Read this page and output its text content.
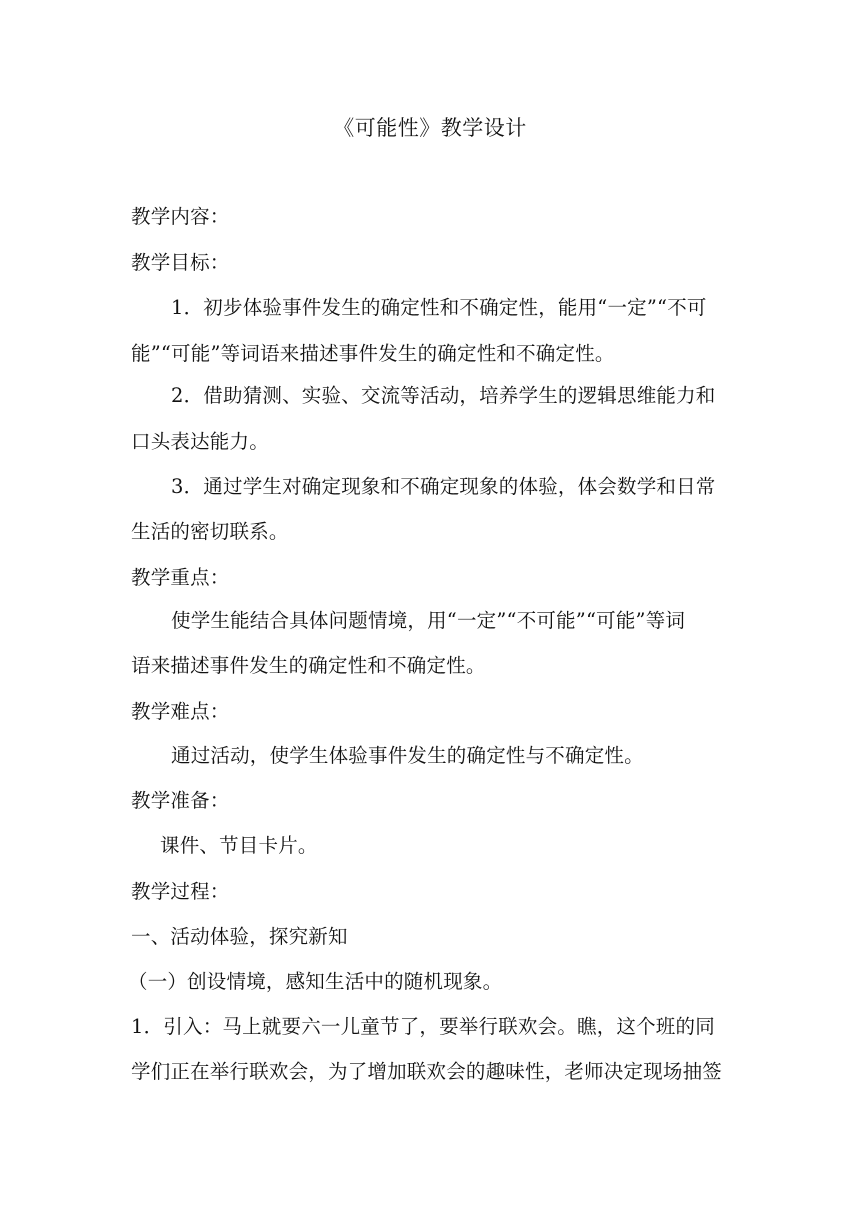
《可能性》教学设计
教学内容：
教学目标：
1．初步体验事件发生的确定性和不确定性，能用“一定”“不可
能”“可能”等词语来描述事件发生的确定性和不确定性。
2．借助猜测、实验、交流等活动，培养学生的逻辑思维能力和
口头表达能力。
3．通过学生对确定现象和不确定现象的体验，体会数学和日常
生活的密切联系。
教学重点：
使学生能结合具体问题情境，用“一定”“不可能”“可能”等词
语来描述事件发生的确定性和不确定性。
教学难点：
通过活动，使学生体验事件发生的确定性与不确定性。
教学准备：
课件、节目卡片。
教学过程：
一、活动体验，探究新知
（一）创设情境，感知生活中的随机现象。
1．引入：马上就要六一儿童节了，要举行联欢会。瞧，这个班的同
学们正在举行联欢会，为了增加联欢会的趣味性，老师决定现场抽签
